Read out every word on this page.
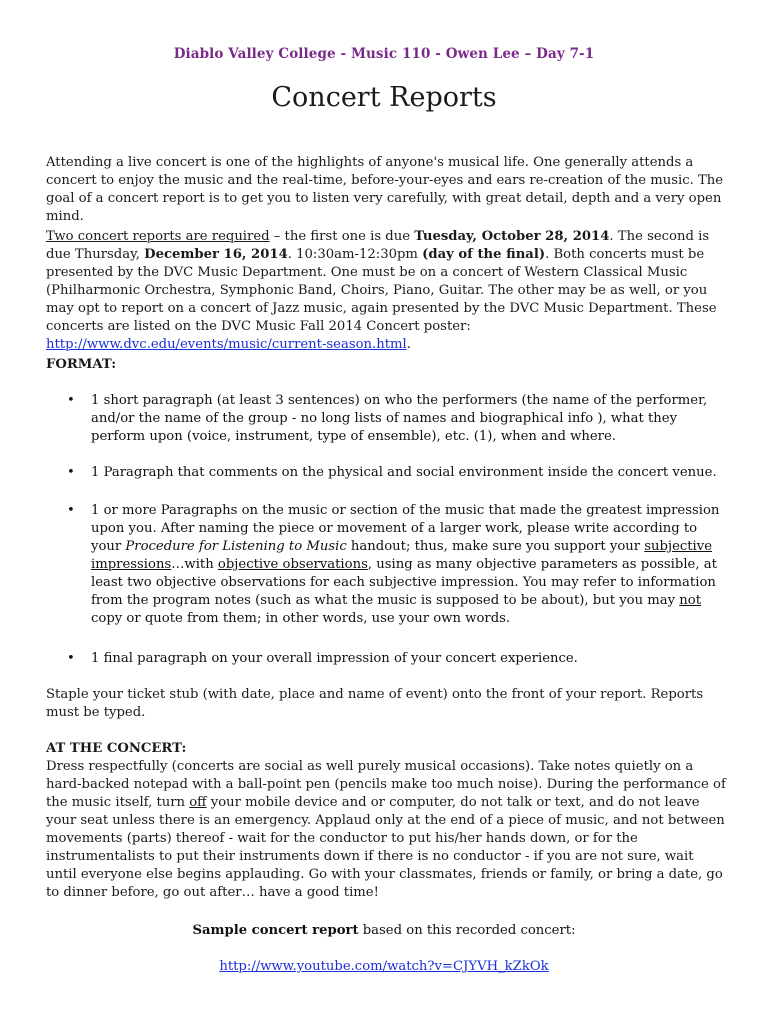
Diablo Valley College - Music 110 - Owen Lee – Day 7-1
Concert Reports

Attending a live concert is one of the highlights of anyone's musical life. One generally attends a concert to enjoy the music and the real-time, before-your-eyes and ears re-creation of the music. The goal of a concert report is to get you to listen very carefully, with great detail, depth and a very open mind.

Two concert reports are required – the first one is due Tuesday, October 28, 2014. The second is due Thursday, December 16, 2014. 10:30am-12:30pm (day of the final). Both concerts must be presented by the DVC Music Department. One must be on a concert of Western Classical Music (Philharmonic Orchestra, Symphonic Band, Choirs, Piano, Guitar. The other may be as well, or you may opt to report on a concert of Jazz music, again presented by the DVC Music Department. These concerts are listed on the DVC Music Fall 2014 Concert poster: http://www.dvc.edu/events/music/current-season.html.

FORMAT:
• 1 short paragraph (at least 3 sentences) on who the performers (the name of the performer, and/or the name of the group - no long lists of names and biographical info ), what they perform upon (voice, instrument, type of ensemble), etc. (1), when and where.
• 1 Paragraph that comments on the physical and social environment inside the concert venue.
• 1 or more Paragraphs on the music or section of the music that made the greatest impression upon you. After naming the piece or movement of a larger work, please write according to your Procedure for Listening to Music handout; thus, make sure you support your subjective impressions…with objective observations, using as many objective parameters as possible, at least two objective observations for each subjective impression. You may refer to information from the program notes (such as what the music is supposed to be about), but you may not copy or quote from them; in other words, use your own words.
• 1 final paragraph on your overall impression of your concert experience.

Staple your ticket stub (with date, place and name of event) onto the front of your report. Reports must be typed.

AT THE CONCERT:

Dress respectfully (concerts are social as well purely musical occasions). Take notes quietly on a hard-backed notepad with a ball-point pen (pencils make too much noise). During the performance of the music itself, turn off your mobile device and or computer, do not talk or text, and do not leave your seat unless there is an emergency. Applaud only at the end of a piece of music, and not between movements (parts) thereof - wait for the conductor to put his/her hands down, or for the instrumentalists to put their instruments down if there is no conductor - if you are not sure, wait until everyone else begins applauding. Go with your classmates, friends or family, or bring a date, go to dinner before, go out after… have a good time!

Sample concert report based on this recorded concert:
http://www.youtube.com/watch?v=CJYVH_kZkOk
